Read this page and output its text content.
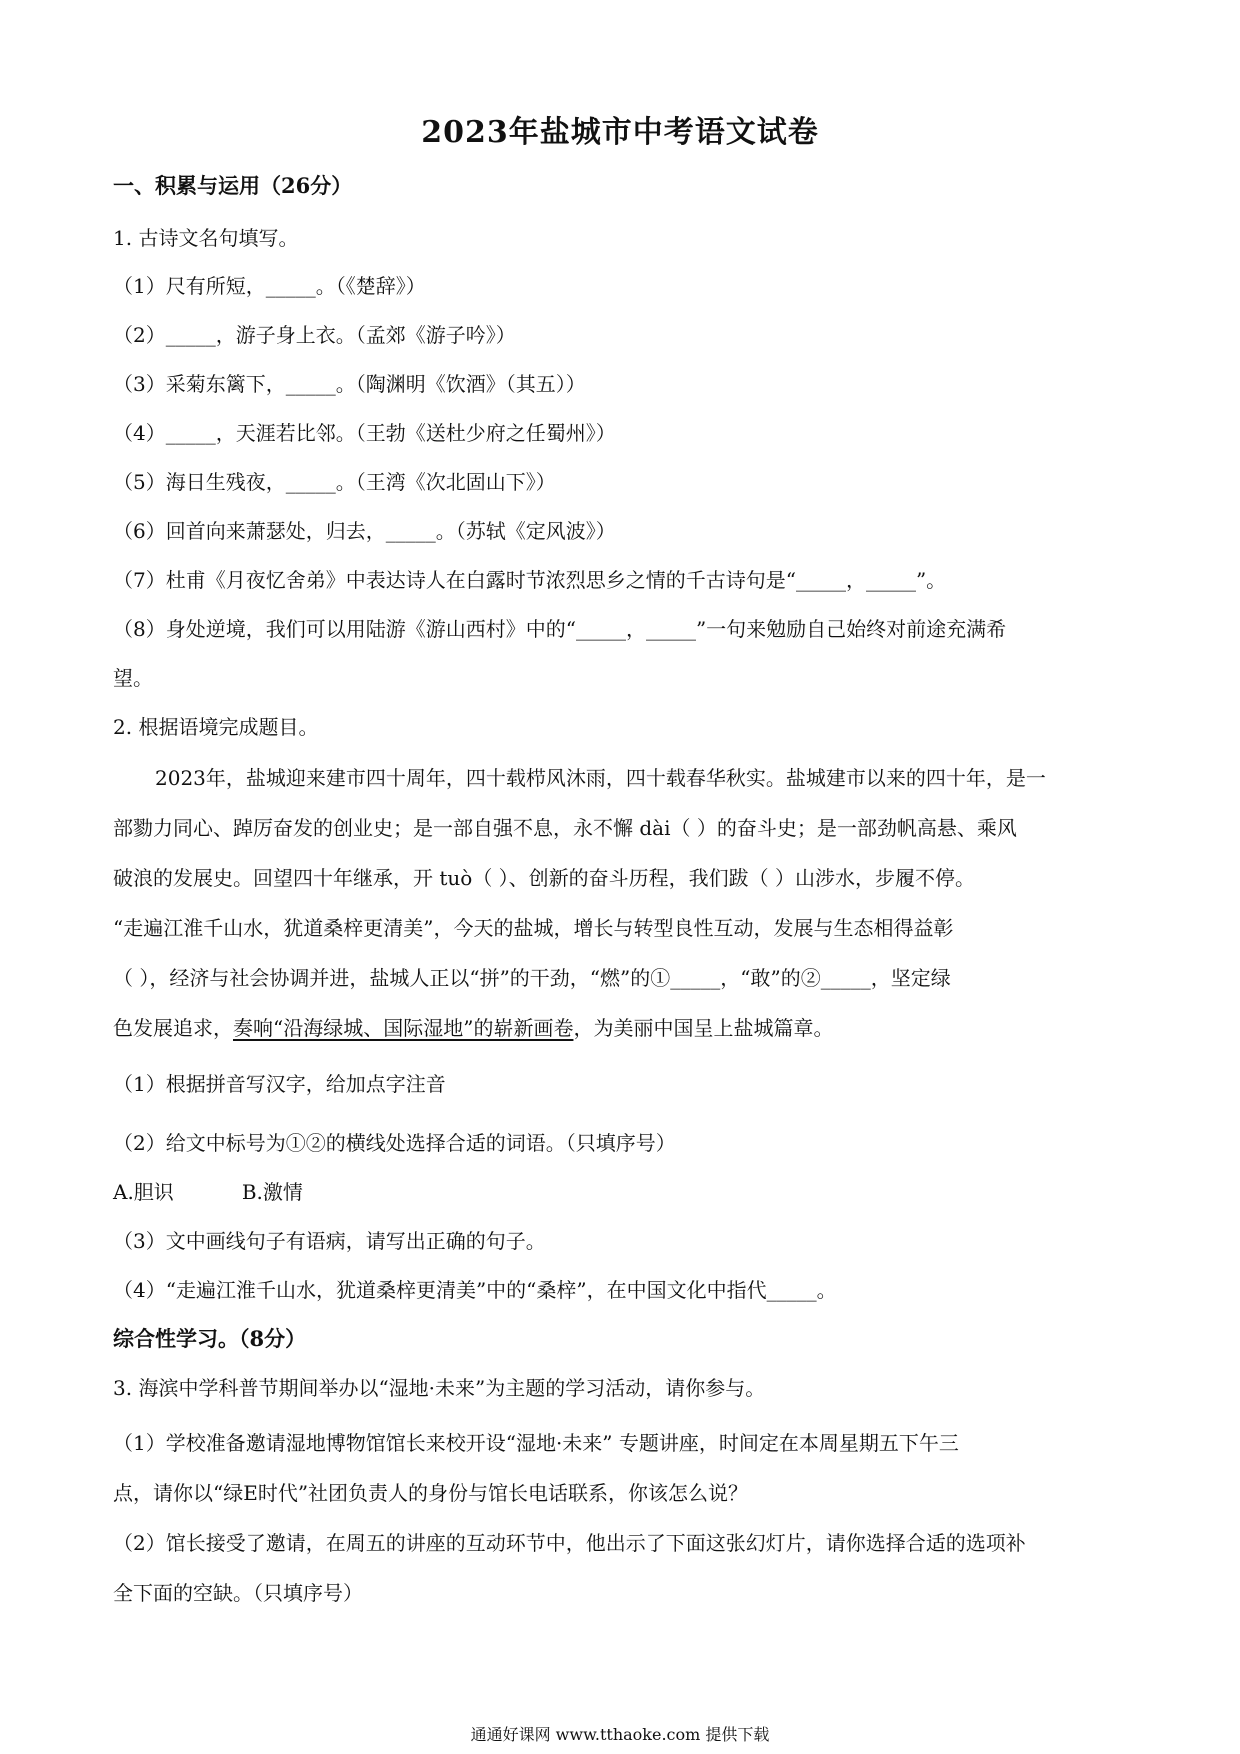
2023年盐城市中考语文试卷
一、积累与运用（26分）
1. 古诗文名句填写。
（1）尺有所短，_____。（《楚辞》）
（2）_____，游子身上衣。（孟郊《游子吟》）
（3）采菊东篱下，_____。（陶渊明《饮酒》（其五））
（4）_____，天涯若比邻。（王勃《送杜少府之任蜀州》）
（5）海日生残夜，_____。（王湾《次北固山下》）
（6）回首向来萧瑟处，归去，_____。（苏轼《定风波》）
（7）杜甫《月夜忆舍弟》中表达诗人在白露时节浓烈思乡之情的千古诗句是“_____，_____”。
（8）身处逆境，我们可以用陆游《游山西村》中的“_____，_____”一句来勉励自己始终对前途充满希
望。
2. 根据语境完成题目。
2023年，盐城迎来建市四十周年，四十载栉风沐雨，四十载春华秋实。盐城建市以来的四十年，是一
部勠力同心、踔厉奋发的创业史；是一部自强不息，永不懈 dài（ ）的奋斗史；是一部劲帆高悬、乘风
破浪的发展史。回望四十年继承，开 tuò（ ）、创新的奋斗历程，我们跋（ ）山涉水，步履不停。
“走遍江淮千山水，犹道桑梓更清美”，今天的盐城，增长与转型良性互动，发展与生态相得益彰
（ ），经济与社会协调并进，盐城人正以“拼”的干劲，“燃”的①_____，“敢”的②_____，坚定绿
色发展追求，奏响“沿海绿城、国际湿地”的崭新画卷，为美丽中国呈上盐城篇章。
（1）根据拼音写汉字，给加点字注音
（2）给文中标号为①②的横线处选择合适的词语。（只填序号）
A.胆识	B.激情
（3）文中画线句子有语病，请写出正确的句子。
（4）“走遍江淮千山水，犹道桑梓更清美”中的“桑梓”，在中国文化中指代_____。
综合性学习。（8分）
3. 海滨中学科普节期间举办以“湿地·未来”为主题的学习活动，请你参与。
（1）学校准备邀请湿地博物馆馆长来校开设“湿地·未来” 专题讲座，时间定在本周星期五下午三
点，请你以“绿E时代”社团负责人的身份与馆长电话联系，你该怎么说？
（2）馆长接受了邀请，在周五的讲座的互动环节中，他出示了下面这张幻灯片，请你选择合适的选项补
全下面的空缺。（只填序号）
通通好课网 www.tthaoke.com 提供下载
